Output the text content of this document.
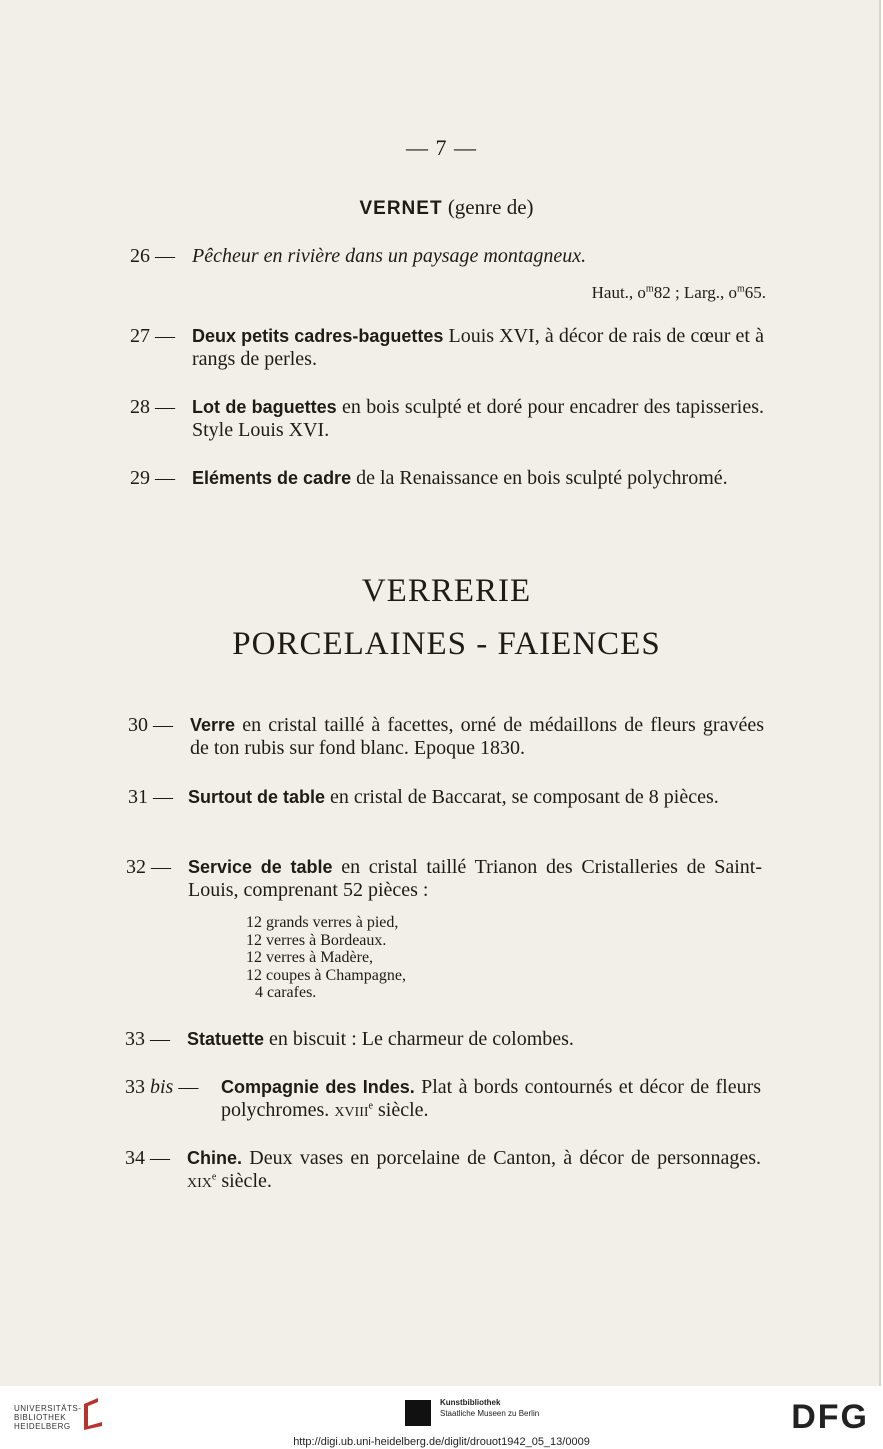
— 7 —
VERNET (genre de)
26 — Pêcheur en rivière dans un paysage montagneux.
Haut., $o^m82$ ; Larg., $o^m65$.
27 — Deux petits cadres-baguettes Louis XVI, à décor de rais de cœur et à rangs de perles.
28 — Lot de baguettes en bois sculpté et doré pour encadrer des tapisseries. Style Louis XVI.
29 — Eléments de cadre de la Renaissance en bois sculpté polychromé.
VERRERIE
PORCELAINES - FAIENCES
30 — Verre en cristal taillé à facettes, orné de médaillons de fleurs gravées de ton rubis sur fond blanc. Epoque 1830.
31 — Surtout de table en cristal de Baccarat, se composant de 8 pièces.
32 — Service de table en cristal taillé Trianon des Cristalleries de Saint-Louis, comprenant 52 pièces :
12 grands verres à pied,
12 verres à Bordeaux.
12 verres à Madère,
12 coupes à Champagne,
4 carafes.
33 — Statuette en biscuit : Le charmeur de colombes.
33 bis — Compagnie des Indes. Plat à bords contournés et décor de fleurs polychromes. xviii$^e$ siècle.
34 — Chine. Deux vases en porcelaine de Canton, à décor de personnages. xix$^e$ siècle.
UNIVERSITÄTS-
BIBLIOTHEK
HEIDELBERG
Kunstbibliothek
Staatliche Museen zu Berlin	DFG
http://digi.ub.uni-heidelberg.de/diglit/drouot1942_05_13/0009
